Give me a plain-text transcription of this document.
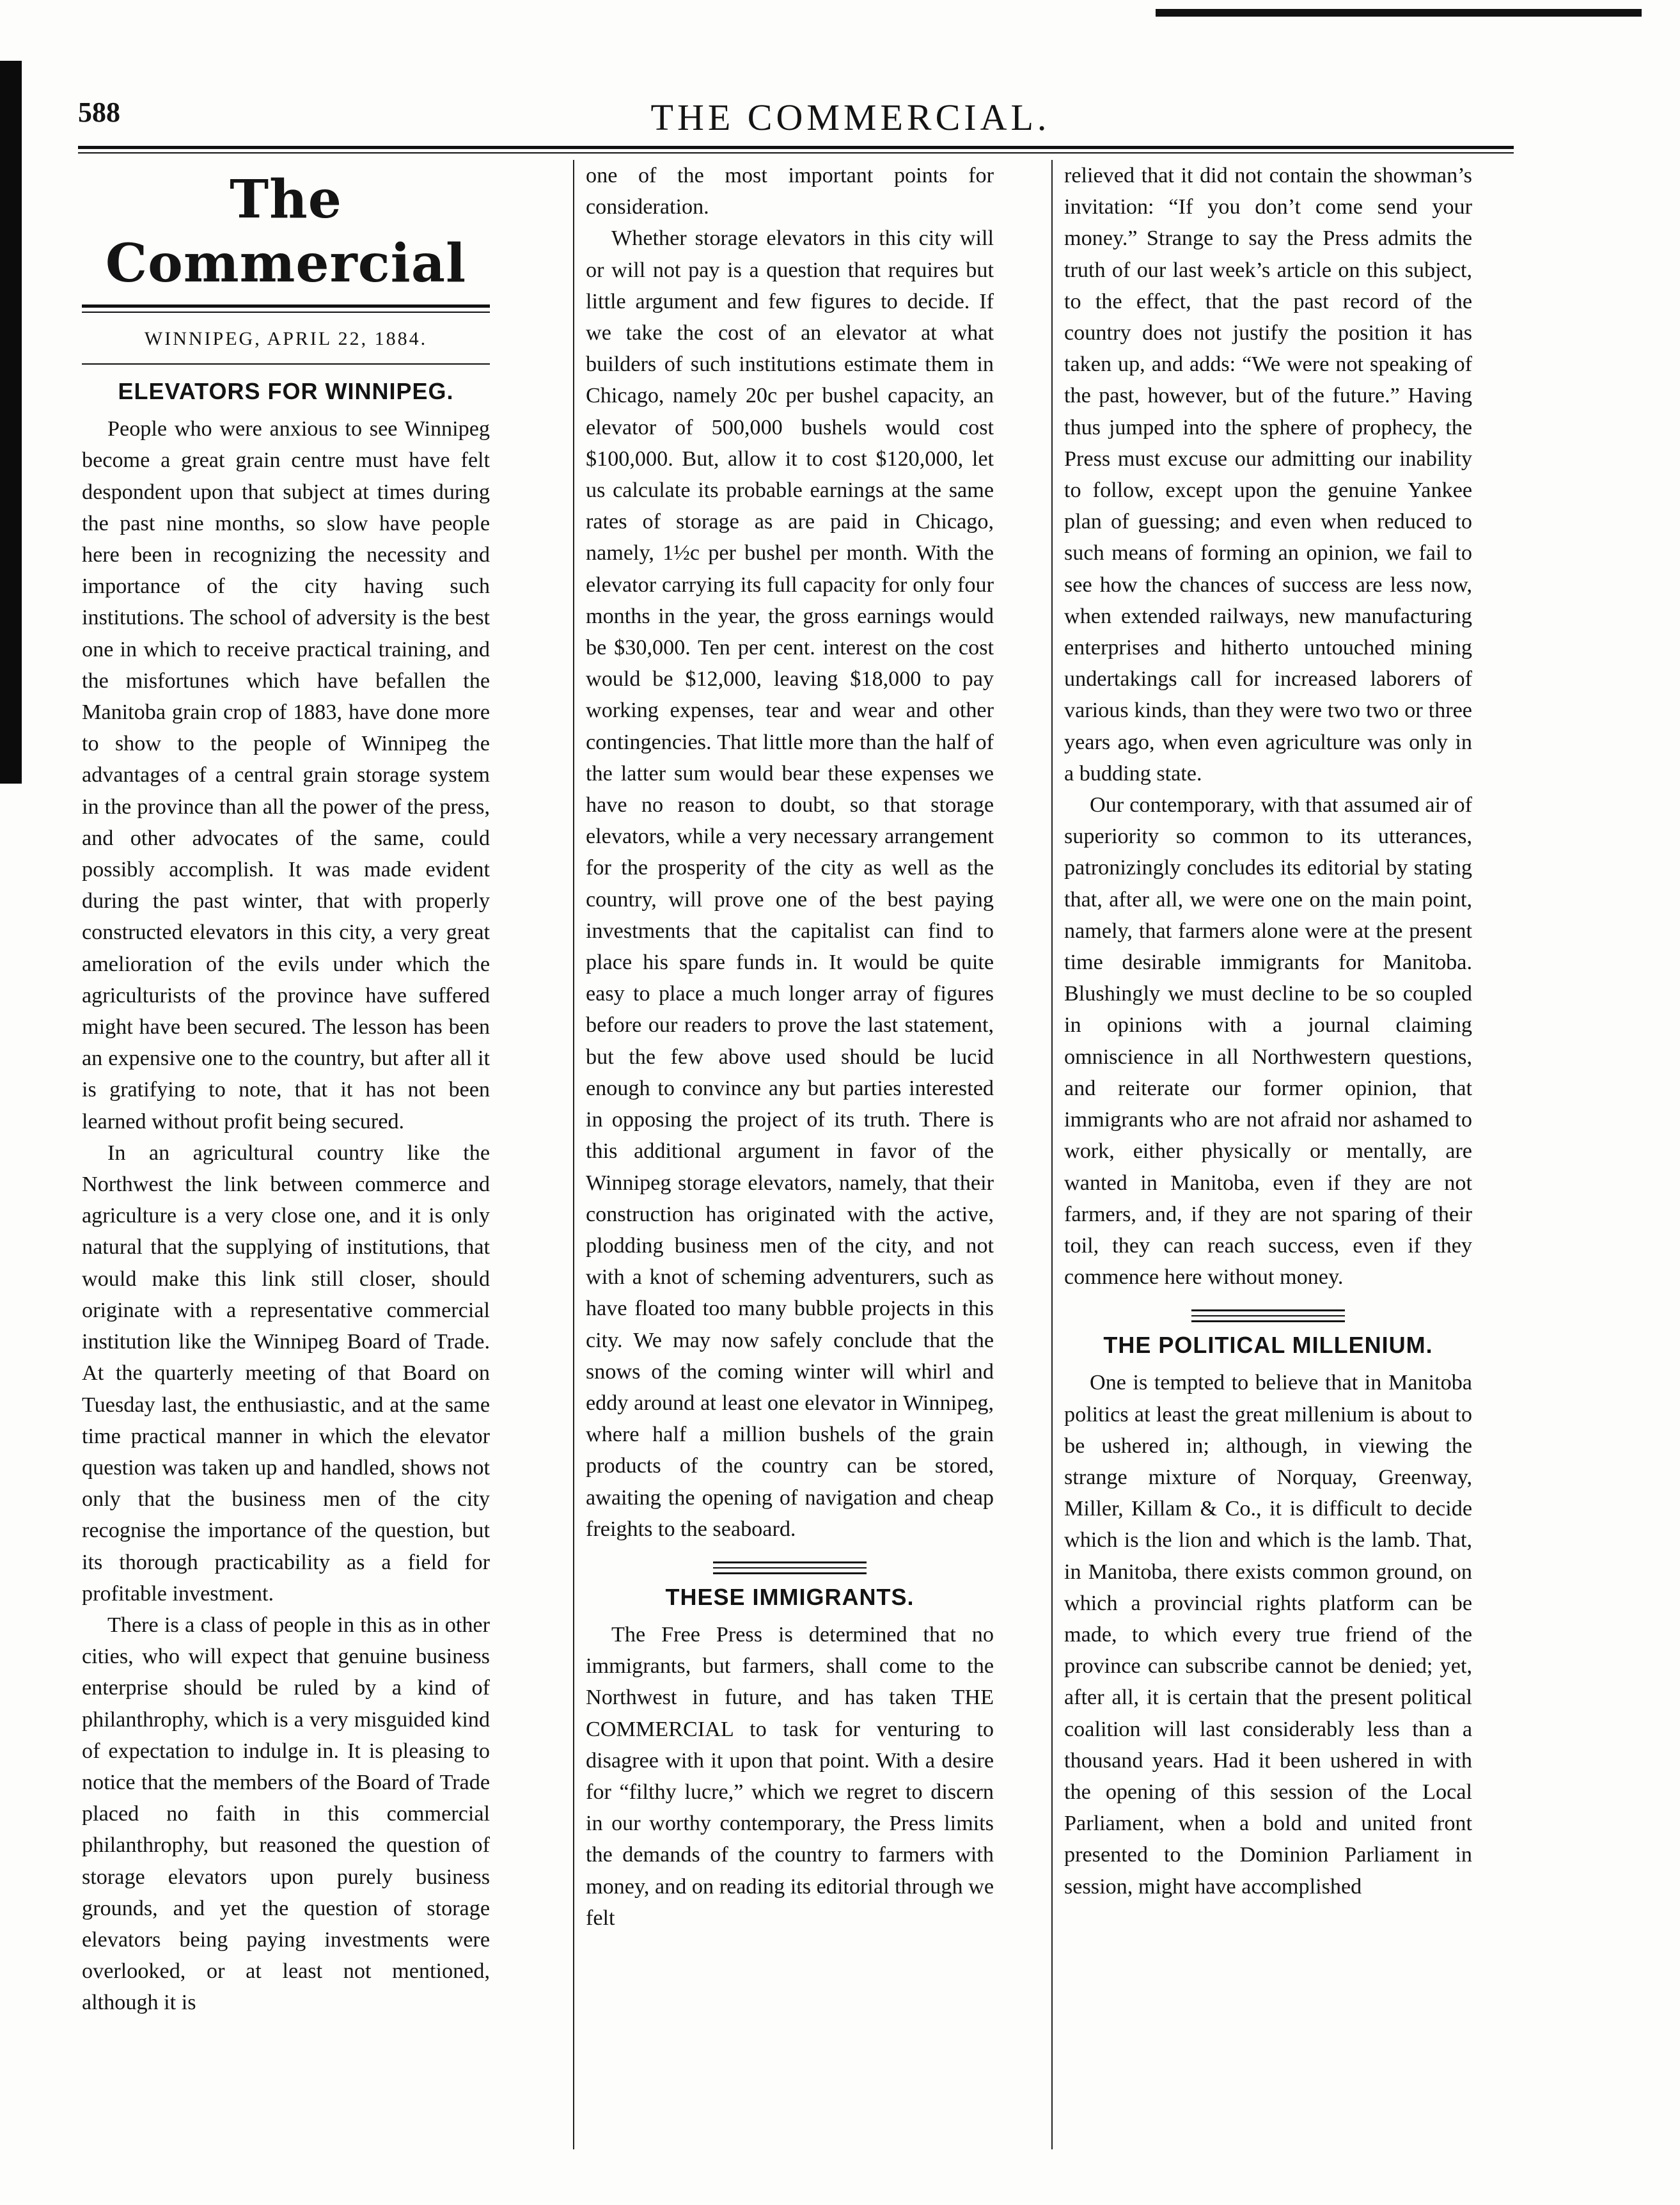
588	THE COMMERCIAL.
The Commercial
WINNIPEG, APRIL 22, 1884.
ELEVATORS FOR WINNIPEG.

People who were anxious to see Winnipeg become a great grain centre must have felt despondent upon that subject at times during the past nine months, so slow have people here been in recognizing the necessity and importance of the city having such institutions. The school of adversity is the best one in which to receive practical training, and the misfortunes which have befallen the Manitoba grain crop of 1883, have done more to show to the people of Winnipeg the advantages of a central grain storage system in the province than all the power of the press, and other advocates of the same, could possibly accomplish. It was made evident during the past winter, that with properly constructed elevators in this city, a very great amelioration of the evils under which the agriculturists of the province have suffered might have been secured. The lesson has been an expensive one to the country, but after all it is gratifying to note, that it has not been learned without profit being secured.

In an agricultural country like the Northwest the link between commerce and agriculture is a very close one, and it is only natural that the supplying of institutions, that would make this link still closer, should originate with a representative commercial institution like the Winnipeg Board of Trade. At the quarterly meeting of that Board on Tuesday last, the enthusiastic, and at the same time practical manner in which the elevator question was taken up and handled, shows not only that the business men of the city recognise the importance of the question, but its thorough practicability as a field for profitable investment.

There is a class of people in this as in other cities, who will expect that genuine business enterprise should be ruled by a kind of philanthrophy, which is a very misguided kind of expectation to indulge in. It is pleasing to notice that the members of the Board of Trade placed no faith in this commercial philanthrophy, but reasoned the question of storage elevators upon purely business grounds, and yet the question of storage elevators being paying investments were overlooked, or at least not mentioned, although it is

one of the most important points for consideration.

Whether storage elevators in this city will or will not pay is a question that requires but little argument and few figures to decide. If we take the cost of an elevator at what builders of such institutions estimate them in Chicago, namely 20c per bushel capacity, an elevator of 500,000 bushels would cost $100,000. But, allow it to cost $120,000, let us calculate its probable earnings at the same rates of storage as are paid in Chicago, namely, 1½c per bushel per month. With the elevator carrying its full capacity for only four months in the year, the gross earnings would be $30,000. Ten per cent. interest on the cost would be $12,000, leaving $18,000 to pay working expenses, tear and wear and other contingencies. That little more than the half of the latter sum would bear these expenses we have no reason to doubt, so that storage elevators, while a very necessary arrangement for the prosperity of the city as well as the country, will prove one of the best paying investments that the capitalist can find to place his spare funds in. It would be quite easy to place a much longer array of figures before our readers to prove the last statement, but the few above used should be lucid enough to convince any but parties interested in opposing the project of its truth. There is this additional argument in favor of the Winnipeg storage elevators, namely, that their construction has originated with the active, plodding business men of the city, and not with a knot of scheming adventurers, such as have floated too many bubble projects in this city. We may now safely conclude that the snows of the coming winter will whirl and eddy around at least one elevator in Winnipeg, where half a million bushels of the grain products of the country can be stored, awaiting the opening of navigation and cheap freights to the seaboard.

THESE IMMIGRANTS.

The Free Press is determined that no immigrants, but farmers, shall come to the Northwest in future, and has taken THE COMMERCIAL to task for venturing to disagree with it upon that point. With a desire for “filthy lucre,” which we regret to discern in our worthy contemporary, the Press limits the demands of the country to farmers with money, and on reading its editorial through we felt

relieved that it did not contain the showman’s invitation: “If you don’t come send your money.” Strange to say the Press admits the truth of our last week’s article on this subject, to the effect, that the past record of the country does not justify the position it has taken up, and adds: “We were not speaking of the past, however, but of the future.” Having thus jumped into the sphere of prophecy, the Press must excuse our admitting our inability to follow, except upon the genuine Yankee plan of guessing; and even when reduced to such means of forming an opinion, we fail to see how the chances of success are less now, when extended railways, new manufacturing enterprises and hitherto untouched mining undertakings call for increased laborers of various kinds, than they were two two or three years ago, when even agriculture was only in a budding state.

Our contemporary, with that assumed air of superiority so common to its utterances, patronizingly concludes its editorial by stating that, after all, we were one on the main point, namely, that farmers alone were at the present time desirable immigrants for Manitoba. Blushingly we must decline to be so coupled in opinions with a journal claiming omniscience in all Northwestern questions, and reiterate our former opinion, that immigrants who are not afraid nor ashamed to work, either physically or mentally, are wanted in Manitoba, even if they are not farmers, and, if they are not sparing of their toil, they can reach success, even if they commence here without money.

THE POLITICAL MILLENIUM.

One is tempted to believe that in Manitoba politics at least the great millenium is about to be ushered in; although, in viewing the strange mixture of Norquay, Greenway, Miller, Killam & Co., it is difficult to decide which is the lion and which is the lamb. That, in Manitoba, there exists common ground, on which a provincial rights platform can be made, to which every true friend of the province can subscribe cannot be denied; yet, after all, it is certain that the present political coalition will last considerably less than a thousand years. Had it been ushered in with the opening of this session of the Local Parliament, when a bold and united front presented to the Dominion Parliament in session, might have accomplished
